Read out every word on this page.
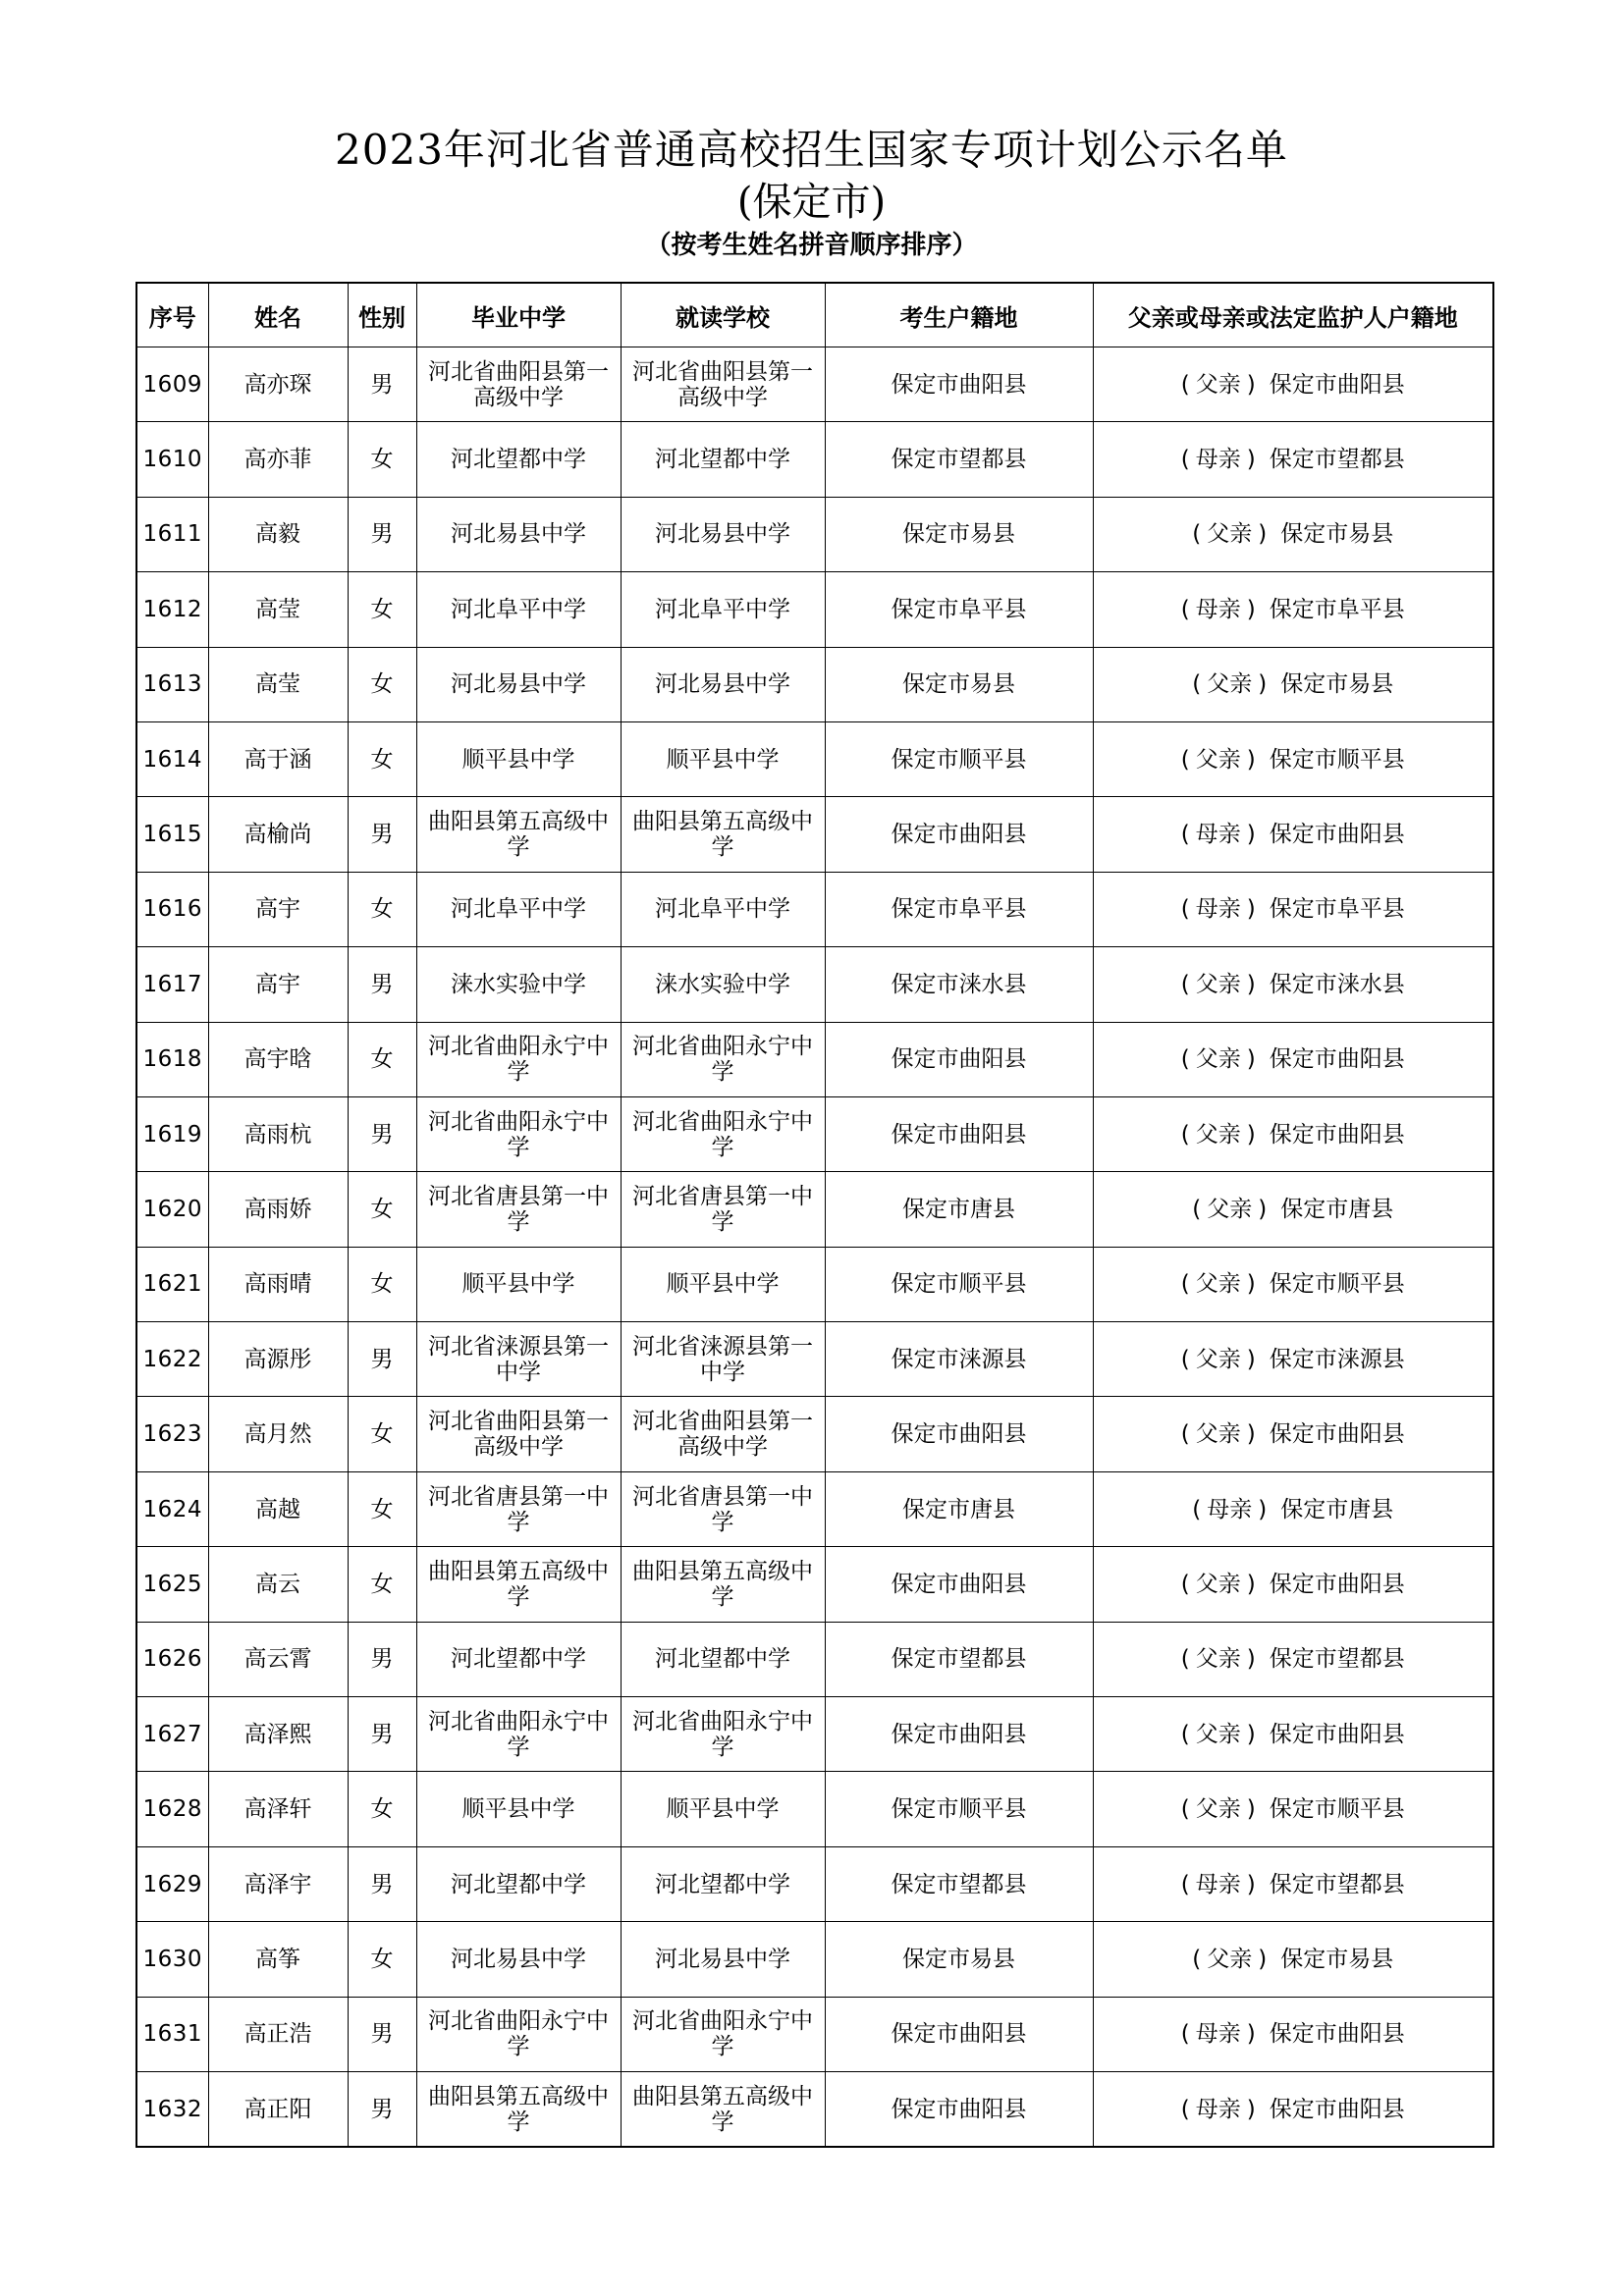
2023年河北省普通高校招生国家专项计划公示名单
(保定市)
（按考生姓名拼音顺序排序）
序号	姓名	性别	毕业中学	就读学校	考生户籍地	父亲或母亲或法定监护人户籍地
1609	高亦琛	男	河北省曲阳县第一高级中学	河北省曲阳县第一高级中学	保定市曲阳县	( 父亲 ) 保定市曲阳县
1610	高亦菲	女	河北望都中学	河北望都中学	保定市望都县	( 母亲 ) 保定市望都县
1611	高毅	男	河北易县中学	河北易县中学	保定市易县	( 父亲 ) 保定市易县
1612	高莹	女	河北阜平中学	河北阜平中学	保定市阜平县	( 母亲 ) 保定市阜平县
1613	高莹	女	河北易县中学	河北易县中学	保定市易县	( 父亲 ) 保定市易县
1614	高于涵	女	顺平县中学	顺平县中学	保定市顺平县	( 父亲 ) 保定市顺平县
1615	高榆尚	男	曲阳县第五高级中学	曲阳县第五高级中学	保定市曲阳县	( 母亲 ) 保定市曲阳县
1616	高宇	女	河北阜平中学	河北阜平中学	保定市阜平县	( 母亲 ) 保定市阜平县
1617	高宇	男	涞水实验中学	涞水实验中学	保定市涞水县	( 父亲 ) 保定市涞水县
1618	高宇晗	女	河北省曲阳永宁中学	河北省曲阳永宁中学	保定市曲阳县	( 父亲 ) 保定市曲阳县
1619	高雨杭	男	河北省曲阳永宁中学	河北省曲阳永宁中学	保定市曲阳县	( 父亲 ) 保定市曲阳县
1620	高雨娇	女	河北省唐县第一中学	河北省唐县第一中学	保定市唐县	( 父亲 ) 保定市唐县
1621	高雨晴	女	顺平县中学	顺平县中学	保定市顺平县	( 父亲 ) 保定市顺平县
1622	高源彤	男	河北省涞源县第一中学	河北省涞源县第一中学	保定市涞源县	( 父亲 ) 保定市涞源县
1623	高月然	女	河北省曲阳县第一高级中学	河北省曲阳县第一高级中学	保定市曲阳县	( 父亲 ) 保定市曲阳县
1624	高越	女	河北省唐县第一中学	河北省唐县第一中学	保定市唐县	( 母亲 ) 保定市唐县
1625	高云	女	曲阳县第五高级中学	曲阳县第五高级中学	保定市曲阳县	( 父亲 ) 保定市曲阳县
1626	高云霄	男	河北望都中学	河北望都中学	保定市望都县	( 父亲 ) 保定市望都县
1627	高泽熙	男	河北省曲阳永宁中学	河北省曲阳永宁中学	保定市曲阳县	( 父亲 ) 保定市曲阳县
1628	高泽轩	女	顺平县中学	顺平县中学	保定市顺平县	( 父亲 ) 保定市顺平县
1629	高泽宇	男	河北望都中学	河北望都中学	保定市望都县	( 母亲 ) 保定市望都县
1630	高筝	女	河北易县中学	河北易县中学	保定市易县	( 父亲 ) 保定市易县
1631	高正浩	男	河北省曲阳永宁中学	河北省曲阳永宁中学	保定市曲阳县	( 母亲 ) 保定市曲阳县
1632	高正阳	男	曲阳县第五高级中学	曲阳县第五高级中学	保定市曲阳县	( 母亲 ) 保定市曲阳县
